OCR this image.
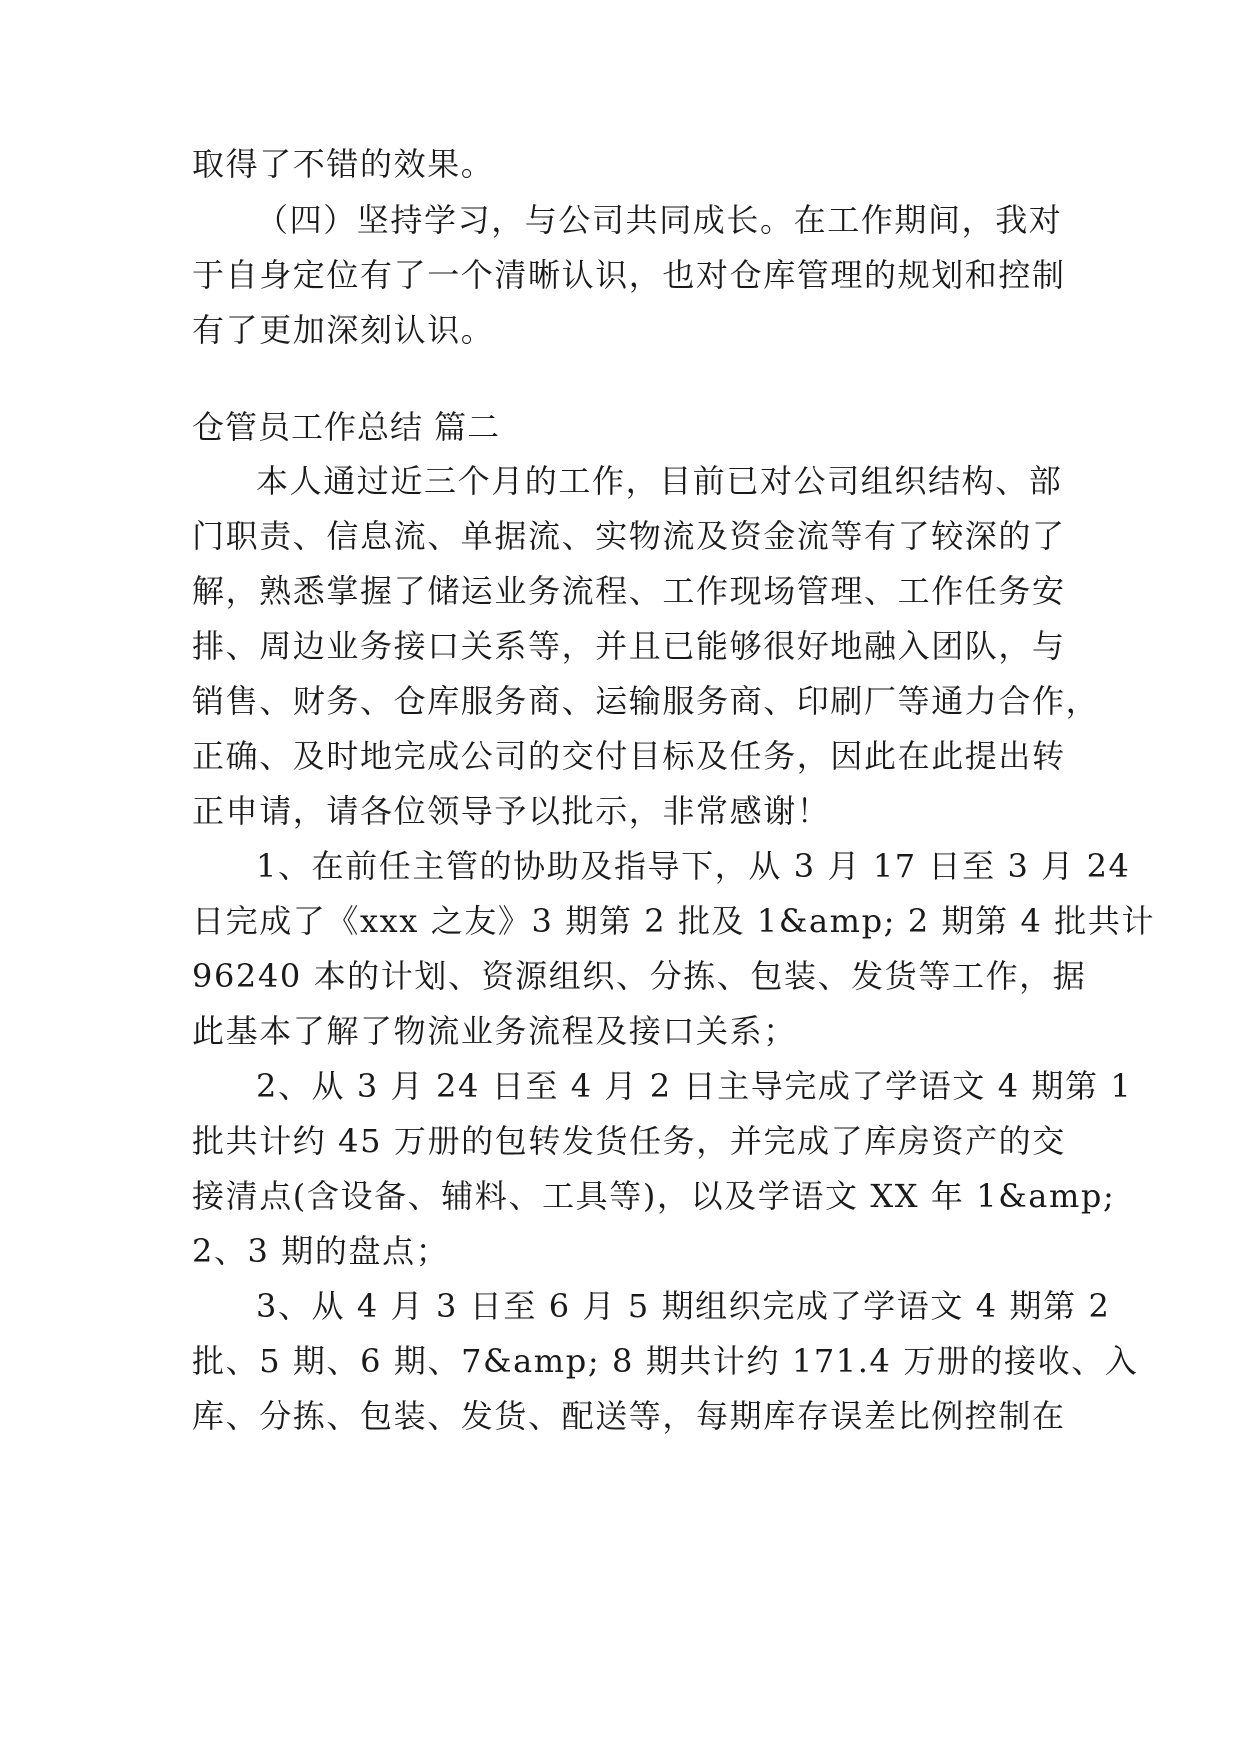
取得了不错的效果。
（四）坚持学习，与公司共同成长。在工作期间，我对
于自身定位有了一个清晰认识，也对仓库管理的规划和控制
有了更加深刻认识。
仓管员工作总结 篇二
本人通过近三个月的工作，目前已对公司组织结构、部
门职责、信息流、单据流、实物流及资金流等有了较深的了
解，熟悉掌握了储运业务流程、工作现场管理、工作任务安
排、周边业务接口关系等，并且已能够很好地融入团队，与
销售、财务、仓库服务商、运输服务商、印刷厂等通力合作，
正确、及时地完成公司的交付目标及任务，因此在此提出转
正申请，请各位领导予以批示，非常感谢！
1、在前任主管的协助及指导下，从 3 月 17 日至 3 月 24
日完成了《xxx 之友》3 期第 2 批及 1&amp; 2 期第 4 批共计
96240 本的计划、资源组织、分拣、包装、发货等工作，据
此基本了解了物流业务流程及接口关系；
2、从 3 月 24 日至 4 月 2 日主导完成了学语文 4 期第 1
批共计约 45 万册的包转发货任务，并完成了库房资产的交
接清点(含设备、辅料、工具等)，以及学语文 XX 年 1&amp;
2、3 期的盘点；
3、从 4 月 3 日至 6 月 5 期组织完成了学语文 4 期第 2
批、5 期、6 期、7&amp; 8 期共计约 171.4 万册的接收、入
库、分拣、包装、发货、配送等，每期库存误差比例控制在
